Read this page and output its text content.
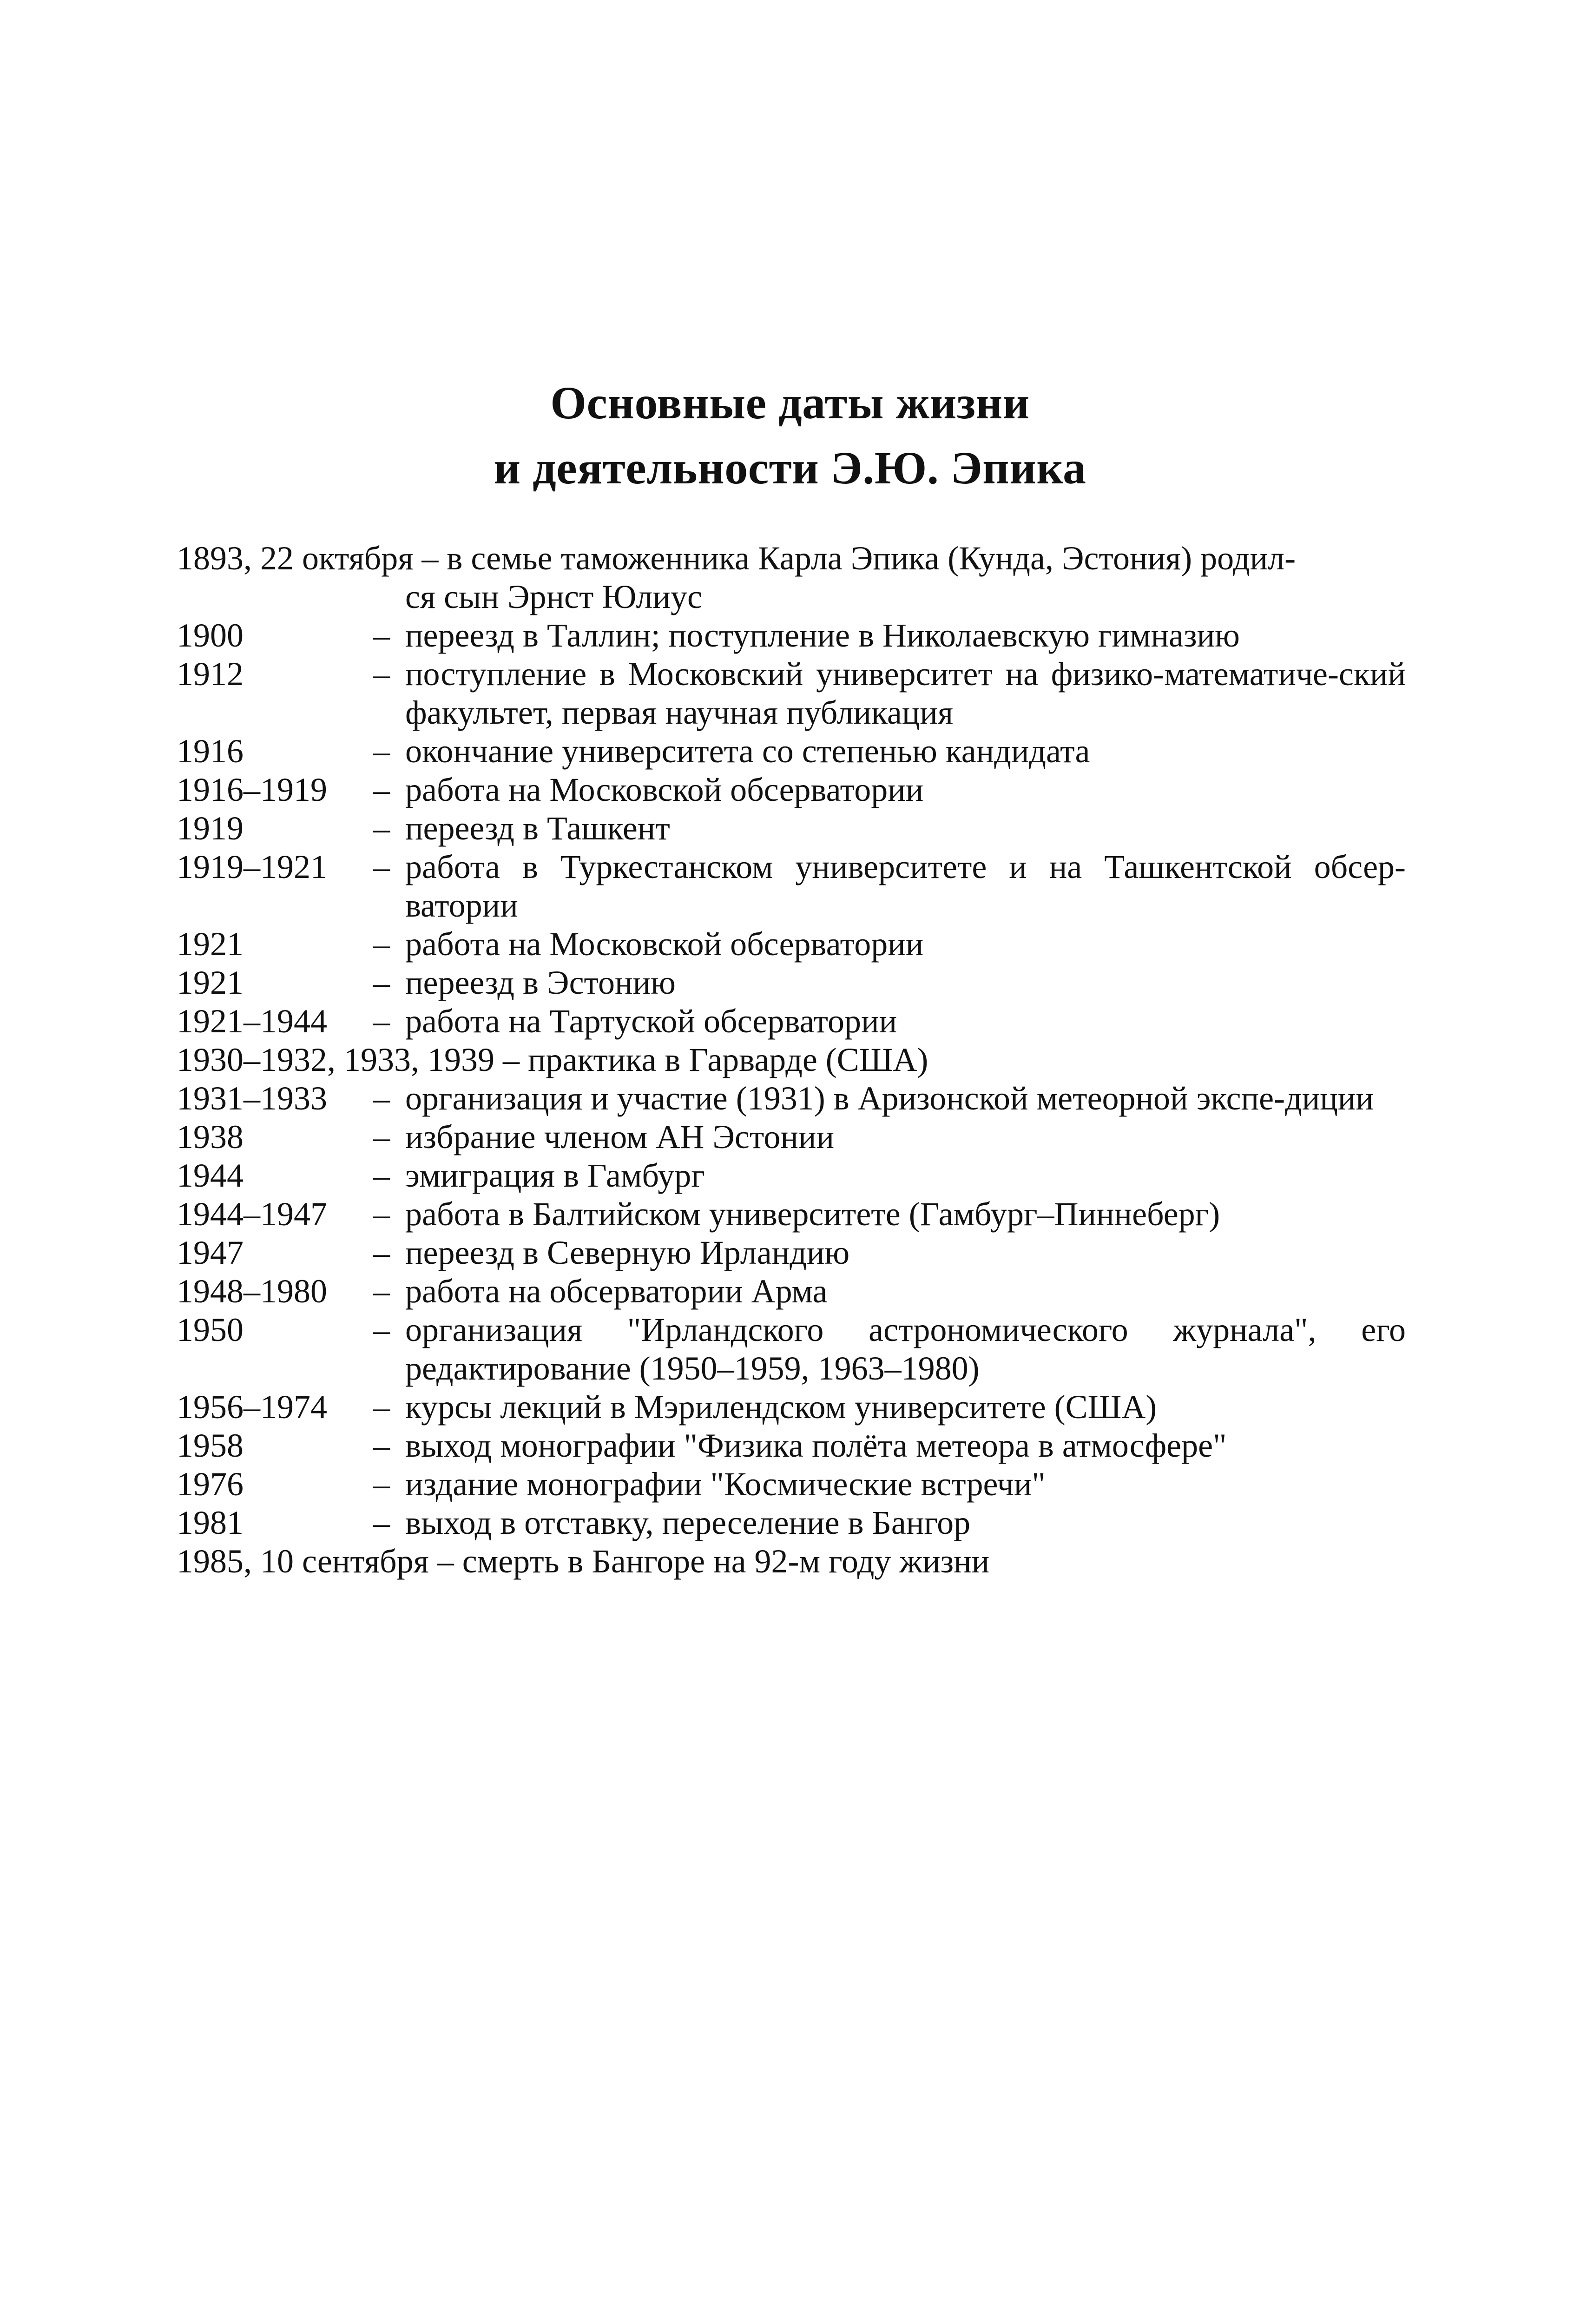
Основные даты жизни
и деятельности Э.Ю. Эпика
1893, 22 октября – в семье таможенника Карла Эпика (Кунда, Эстония) родил-
ся сын Эрнст Юлиус
1900	– переезд в Таллин; поступление в Николаевскую гимназию
1912	– поступление в Московский университет на физико-математиче-ский факультет, первая научная публикация
1916	– окончание университета со степенью кандидата
1916–1919	– работа на Московской обсерватории
1919	– переезд в Ташкент
1919–1921	– работа в Туркестанском университете и на Ташкентской обсер-ватории
1921	– работа на Московской обсерватории
1921	– переезд в Эстонию
1921–1944	– работа на Тартуской обсерватории
1930–1932, 1933, 1939 – практика в Гарварде (США)
1931–1933	– организация и участие (1931) в Аризонской метеорной экспе-диции
1938	– избрание членом АН Эстонии
1944	– эмиграция в Гамбург
1944–1947	– работа в Балтийском университете (Гамбург–Пиннеберг)
1947	– переезд в Северную Ирландию
1948–1980	– работа на обсерватории Арма
1950	– организация "Ирландского астрономического журнала", его редактирование (1950–1959, 1963–1980)
1956–1974	– курсы лекций в Мэрилендском университете (США)
1958	– выход монографии "Физика полёта метеора в атмосфере"
1976	– издание монографии "Космические встречи"
1981	– выход в отставку, переселение в Бангор
1985, 10 сентября – смерть в Бангоре на 92-м году жизни
